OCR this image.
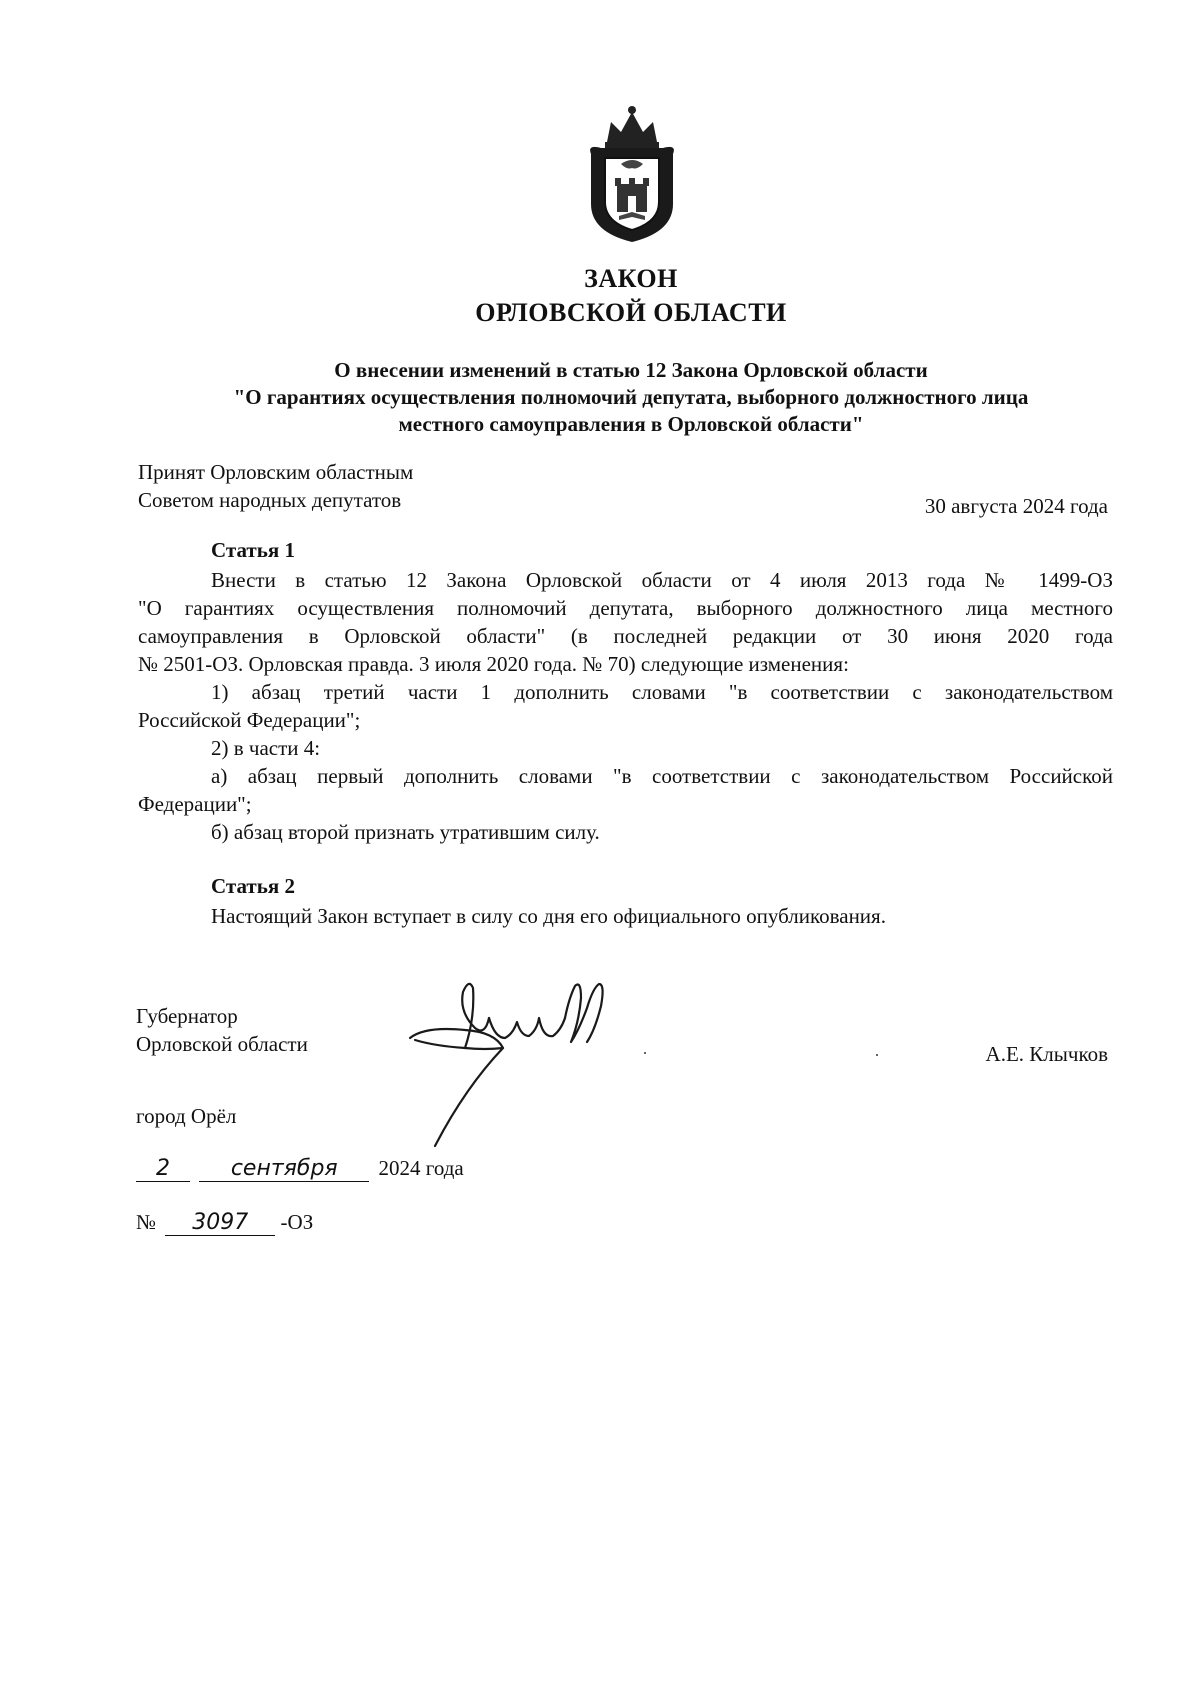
ЗАКОН
ОРЛОВСКОЙ ОБЛАСТИ
О внесении изменений в статью 12 Закона Орловской области
"О гарантиях осуществления полномочий депутата, выборного должностного лица
местного самоуправления в Орловской области"
Принят Орловским областным
Советом народных депутатов	30 августа 2024 года
Статья 1
Внести в статью 12 Закона Орловской области от 4 июля 2013 года № 1499-ОЗ
"О гарантиях осуществления полномочий депутата, выборного должностного лица местного
самоуправления в Орловской области" (в последней редакции от 30 июня 2020 года
№ 2501-ОЗ. Орловская правда. 3 июля 2020 года. № 70) следующие изменения:
1) абзац третий части 1 дополнить словами "в соответствии с законодательством
Российской Федерации";
2) в части 4:
а) абзац первый дополнить словами "в соответствии с законодательством Российской
Федерации";
б) абзац второй признать утратившим силу.
Статья 2
Настоящий Закон вступает в силу со дня его официального опубликования.
Губернатор
Орловской области	А.Е. Клычков
город Орёл
2	сентября 2024 года
№ 3097 -ОЗ
